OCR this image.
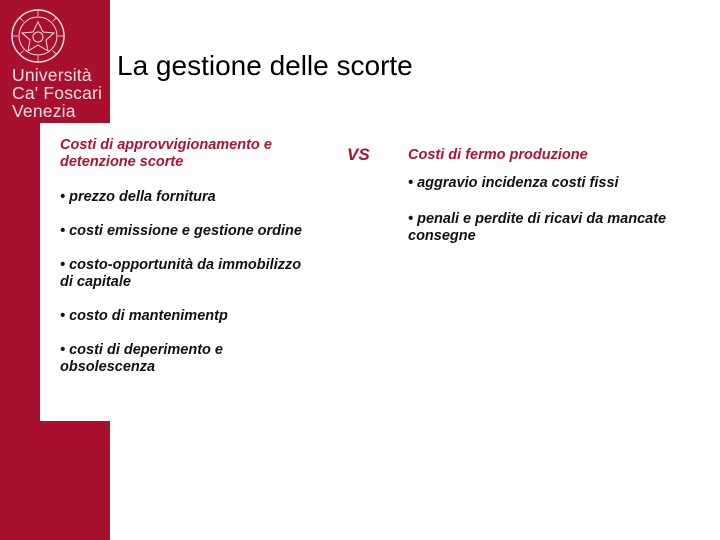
Università
Ca' Foscari
Venezia
La gestione delle scorte
Costi di approvvigionamento e detenzione scorte
• prezzo della fornitura
• costi emissione e gestione ordine
• costo-opportunità da immobilizzo di capitale
• costo di mantenimentp
• costi di deperimento e obsolescenza
VS	Costi di fermo produzione
• aggravio incidenza costi fissi
• penali e perdite di ricavi da mancate consegne
